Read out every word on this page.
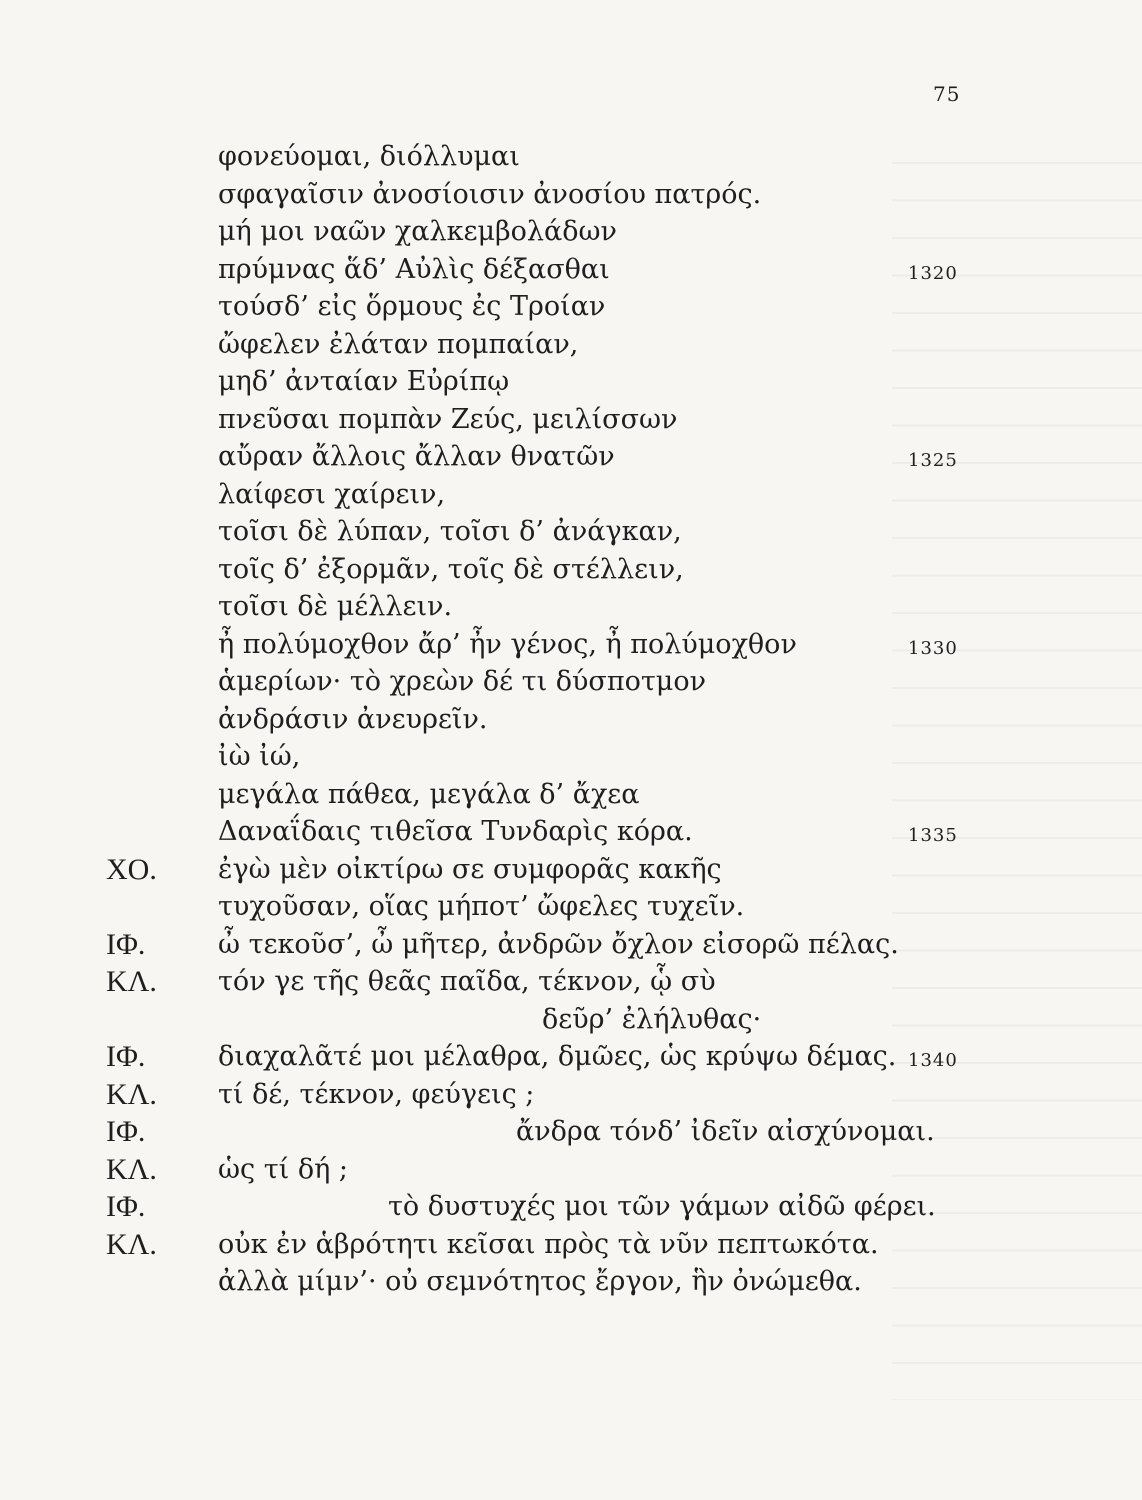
75
φονεύομαι, διόλλυμαι
σφαγαῖσιν ἀνοσίοισιν ἀνοσίου πατρός.
μή μοι ναῶν χαλκεμβολάδων
πρύμνας ἅδ’ Αὐλὶς δέξασθαι	1320
τούσδ’ εἰς ὅρμους ἐς Τροίαν
ὤφελεν ἐλάταν πομπαίαν,
μηδ’ ἀνταίαν Εὐρίπῳ
πνεῦσαι πομπὰν Ζεύς, μειλίσσων
αὔραν ἄλλοις ἄλλαν θνατῶν	1325
λαίφεσι χαίρειν,
τοῖσι δὲ λύπαν, τοῖσι δ’ ἀνάγκαν,
τοῖς δ’ ἐξορμᾶν, τοῖς δὲ στέλλειν,
τοῖσι δὲ μέλλειν.
ἦ πολύμοχθον ἄρ’ ἦν γένος, ἦ πολύμοχθον	1330
ἁμερίων· τὸ χρεὼν δέ τι δύσποτμον
ἀνδράσιν ἀνευρεῖν.
ἰὼ ἰώ,
μεγάλα πάθεα, μεγάλα δ’ ἄχεα
Δαναΐδαις τιθεῖσα Τυνδαρὶς κόρα.	1335
ΧΟ. ἐγὼ μὲν οἰκτίρω σε συμφορᾶς κακῆς
τυχοῦσαν, οἵας μήποτ’ ὤφελες τυχεῖν.
ΙΦ.	ὦ τεκοῦσ’, ὦ μῆτερ, ἀνδρῶν ὄχλον εἰσορῶ πέλας.
ΚΛ. τόν γε τῆς θεᾶς παῖδα, τέκνον, ᾧ σὺ
δεῦρ’ ἐλήλυθας·
ΙΦ.	διαχαλᾶτέ μοι μέλαθρα, δμῶες, ὡς κρύψω δέμας. 1340
ΚΛ. τί δέ, τέκνον, φεύγεις ;
ΙΦ.	ἄνδρα τόνδ’ ἰδεῖν αἰσχύνομαι.
ΚΛ. ὡς τί δή ;
ΙΦ.	τὸ δυστυχές μοι τῶν γάμων αἰδῶ φέρει.
ΚΛ. οὐκ ἐν ἁβρότητι κεῖσαι πρὸς τὰ νῦν πεπτωκότα.
ἀλλὰ μίμν’· οὐ σεμνότητος ἔργον, ἣν ὀνώμεθα.
